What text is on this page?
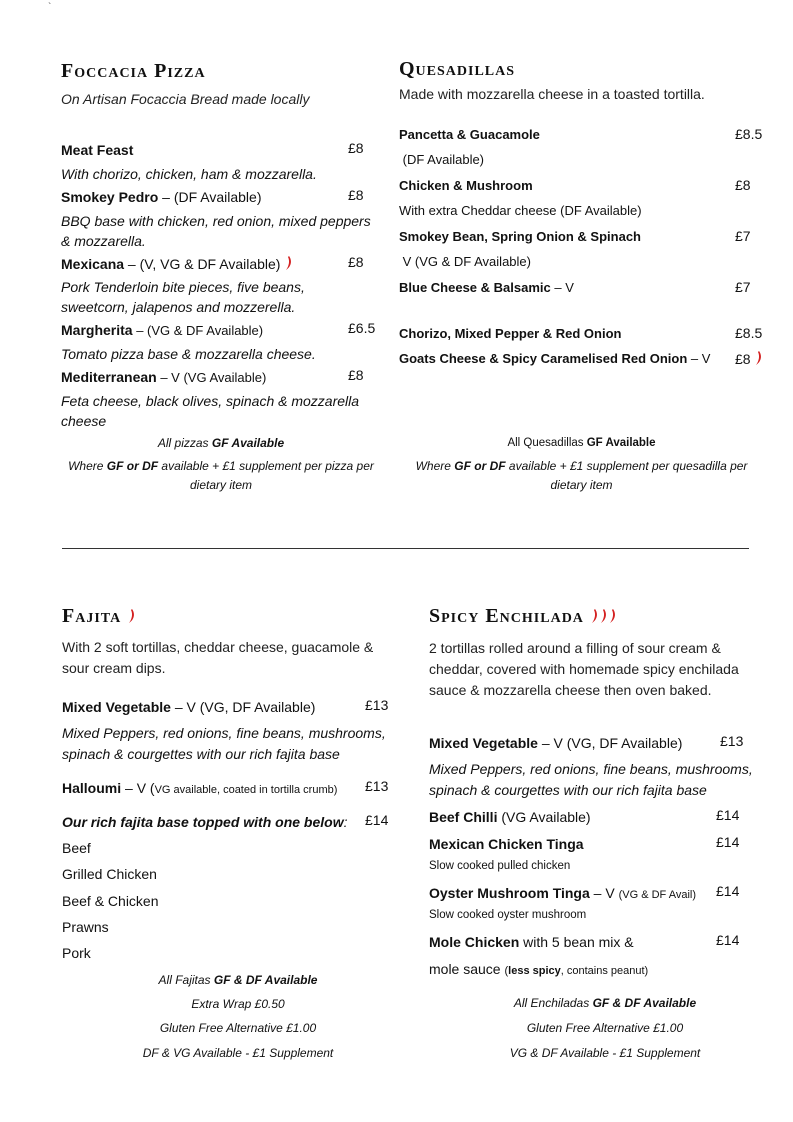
`
Foccacia Pizza
On Artisan Focaccia Bread made locally
Meat Feast	£8
With chorizo, chicken, ham & mozzarella.
Smokey Pedro – (DF Available)	£8
BBQ base with chicken, red onion, mixed peppers & mozzarella.
Mexicana – (V, VG & DF Available)	£8
Pork Tenderloin bite pieces, five beans, sweetcorn, jalapenos and mozzerella.
Margherita – (VG & DF Available)	£6.5
Tomato pizza base & mozzarella cheese.
Mediterranean – V (VG Available)	£8
Feta cheese, black olives, spinach & mozzarella cheese
All pizzas GF Available
Where GF or DF available + £1 supplement per pizza per dietary item
Quesadillas
Made with mozzarella cheese in a toasted tortilla.
Pancetta & Guacamole	£8.5
(DF Available)
Chicken & Mushroom	£8
With extra Cheddar cheese (DF Available)
Smokey Bean, Spring Onion & Spinach	£7
V (VG & DF Available)
Blue Cheese & Balsamic – V	£7
Chorizo, Mixed Pepper & Red Onion	£8.5
Goats Cheese & Spicy Caramelised Red Onion – V £8
All Quesadillas GF Available
Where GF or DF available + £1 supplement per quesadilla per dietary item
Fajita
With 2 soft tortillas, cheddar cheese, guacamole & sour cream dips.
Mixed Vegetable – V (VG, DF Available)	£13
Mixed Peppers, red onions, fine beans, mushrooms, spinach & courgettes with our rich fajita base
Halloumi – V (VG available, coated in tortilla crumb) £13
Our rich fajita base topped with one below: £14
Beef
Grilled Chicken
Beef & Chicken
Prawns
Pork
All Fajitas GF & DF Available
Extra Wrap £0.50
Gluten Free Alternative £1.00
DF & VG Available - £1 Supplement
Spicy Enchilada
2 tortillas rolled around a filling of sour cream & cheddar, covered with homemade spicy enchilada sauce & mozzarella cheese then oven baked.
Mixed Vegetable – V (VG, DF Available)	£13
Mixed Peppers, red onions, fine beans, mushrooms, spinach & courgettes with our rich fajita base
Beef Chilli (VG Available)	£14
Mexican Chicken Tinga	£14
Slow cooked pulled chicken
Oyster Mushroom Tinga – V (VG & DF Avail) £14
Slow cooked oyster mushroom
Mole Chicken with 5 bean mix &	£14
mole sauce (less spicy, contains peanut)
All Enchiladas GF & DF Available
Gluten Free Alternative £1.00
VG & DF Available - £1 Supplement
